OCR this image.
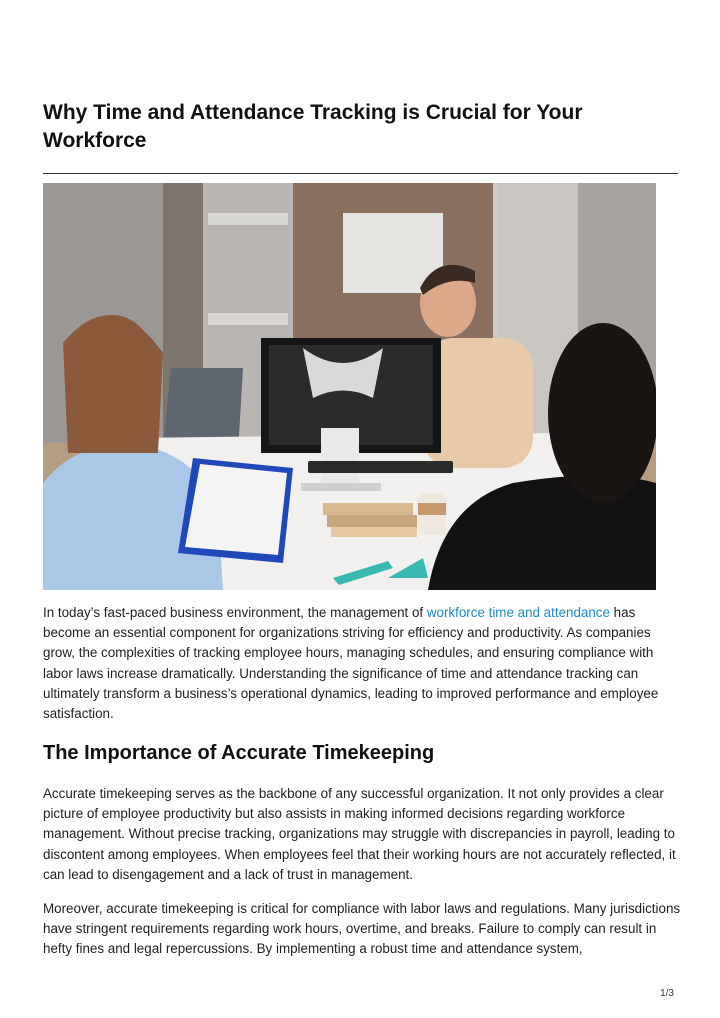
Why Time and Attendance Tracking is Crucial for Your Workforce

In today’s fast-paced business environment, the management of workforce time and attendance has become an essential component for organizations striving for efficiency and productivity. As companies grow, the complexities of tracking employee hours, managing schedules, and ensuring compliance with labor laws increase dramatically. Understanding the significance of time and attendance tracking can ultimately transform a business’s operational dynamics, leading to improved performance and employee satisfaction.

The Importance of Accurate Timekeeping

Accurate timekeeping serves as the backbone of any successful organization. It not only provides a clear picture of employee productivity but also assists in making informed decisions regarding workforce management. Without precise tracking, organizations may struggle with discrepancies in payroll, leading to discontent among employees. When employees feel that their working hours are not accurately reflected, it can lead to disengagement and a lack of trust in management.

Moreover, accurate timekeeping is critical for compliance with labor laws and regulations. Many jurisdictions have stringent requirements regarding work hours, overtime, and breaks. Failure to comply can result in hefty fines and legal repercussions. By implementing a robust time and attendance system,

1/3
